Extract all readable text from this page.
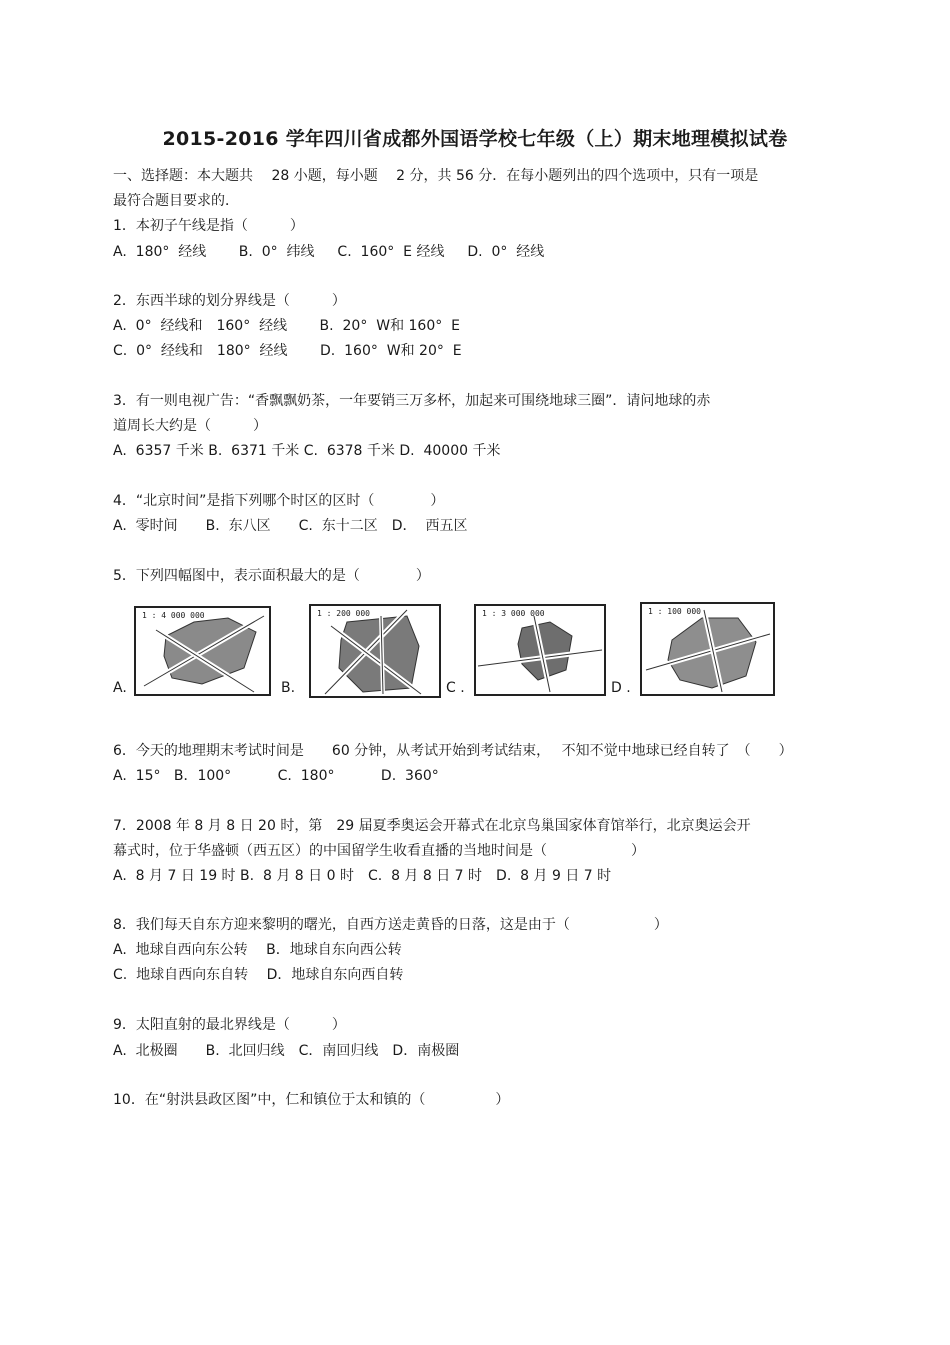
2015-2016 学年四川省成都外国语学校七年级（上）期末地理模拟试卷
一、选择题：本大题共　 28 小题，每小题　 2 分，共 56 分．在每小题列出的四个选项中，只有一项是
最符合题目要求的．
1．本初子午线是指（　　　）
A.  180°  经线　　 B.  0°  纬线　  C.  160°  E 经线　  D.  0°  经线
2．东西半球的划分界线是（　　　）
A.  0°  经线和　160°  经线　　 B.  20°  W和 160°  E
C.  0°  经线和　180°  经线　　 D.  160°  W和 20°  E
3．有一则电视广告：“香飘飘奶茶，一年要销三万多杯，加起来可围绕地球三圈”．请问地球的赤
道周长大约是（　　　）
A.  6357 千米 B.  6371 千米 C.  6378 千米 D.  40000 千米
4．“北京时间”是指下列哪个时区的区时（　　　　）
A.  零时间　　B.  东八区　　C.  东十二区　D．  西五区
5．下列四幅图中，表示面积最大的是（　　　　）
A.
1 : 4 000 000
B.
1 : 200 000
C .
1 : 3 000 000
D .
1 : 100 000
6．今天的地理期末考试时间是　　60 分钟，从考试开始到考试结束，　 不知不觉中地球已经自转了　（　　）
A.  15°   B．100°　　　 C.  180°　　　 D.  360°
7．2008 年 8 月 8 日 20 时，第　29 届夏季奥运会开幕式在北京鸟巢国家体育馆举行，北京奥运会开
幕式时，位于华盛顿（西五区）的中国留学生收看直播的当地时间是（　　　　　　）
A.  8 月 7 日 19 时 B.  8 月 8 日 0 时　C.  8 月 8 日 7 时　D.  8 月 9 日 7 时
8．我们每天自东方迎来黎明的曙光，自西方送走黄昏的日落，这是由于（　　　　　　）
A.  地球自西向东公转　 B．地球自东向西公转
C.  地球自西向东自转　 D．地球自东向西自转
9．太阳直射的最北界线是（　　　）
A.  北极圈　　B.  北回归线　C．南回归线　D．南极圈
10．在“射洪县政区图”中，仁和镇位于太和镇的（　　　　　）
